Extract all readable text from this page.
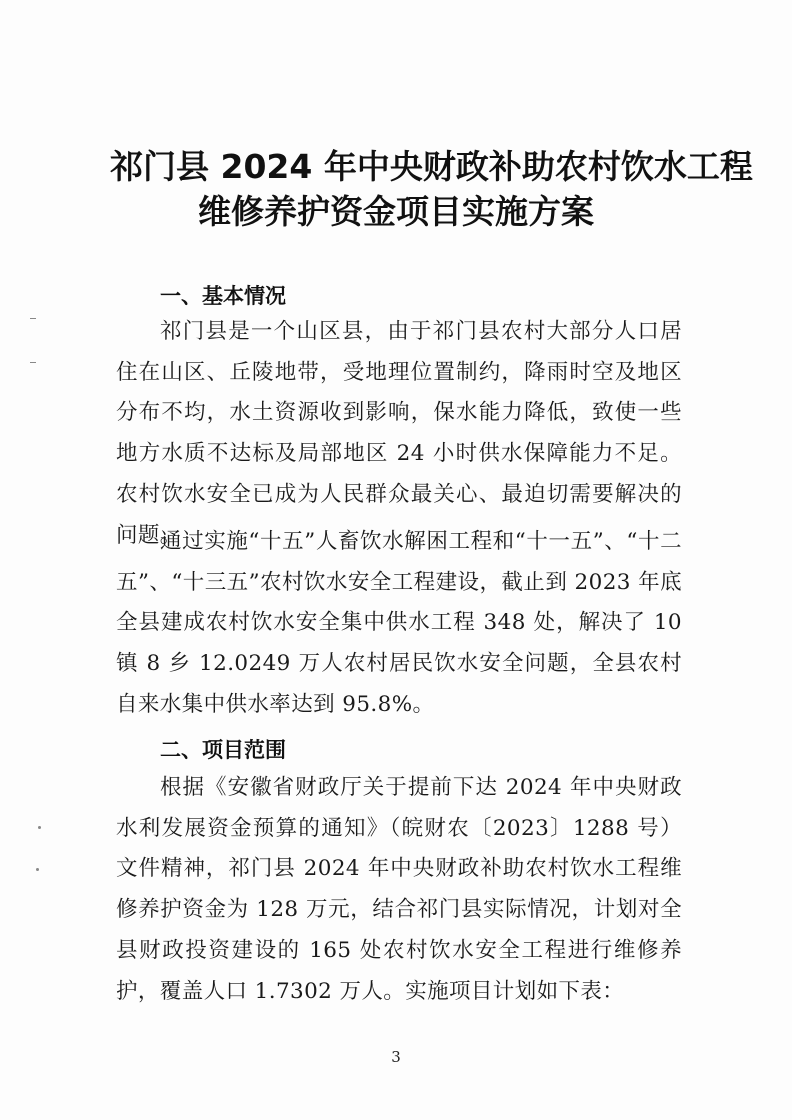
祁门县 2024 年中央财政补助农村饮水工程
维修养护资金项目实施方案
一、基本情况
祁门县是一个山区县，由于祁门县农村大部分人口居住在山区、丘陵地带，受地理位置制约，降雨时空及地区分布不均，水土资源收到影响，保水能力降低，致使一些地方水质不达标及局部地区 24 小时供水保障能力不足。农村饮水安全已成为人民群众最关心、最迫切需要解决的问题。
通过实施“十五”人畜饮水解困工程和“十一五”、“十二五”、“十三五”农村饮水安全工程建设，截止到 2023 年底全县建成农村饮水安全集中供水工程 348 处，解决了 10 镇 8 乡 12.0249 万人农村居民饮水安全问题，全县农村自来水集中供水率达到 95.8%。
二、项目范围
根据《安徽省财政厅关于提前下达 2024 年中央财政水利发展资金预算的通知》（皖财农〔2023〕1288 号）文件精神，祁门县 2024 年中央财政补助农村饮水工程维修养护资金为 128 万元，结合祁门县实际情况，计划对全县财政投资建设的 165 处农村饮水安全工程进行维修养护，覆盖人口 1.7302 万人。实施项目计划如下表：
3
